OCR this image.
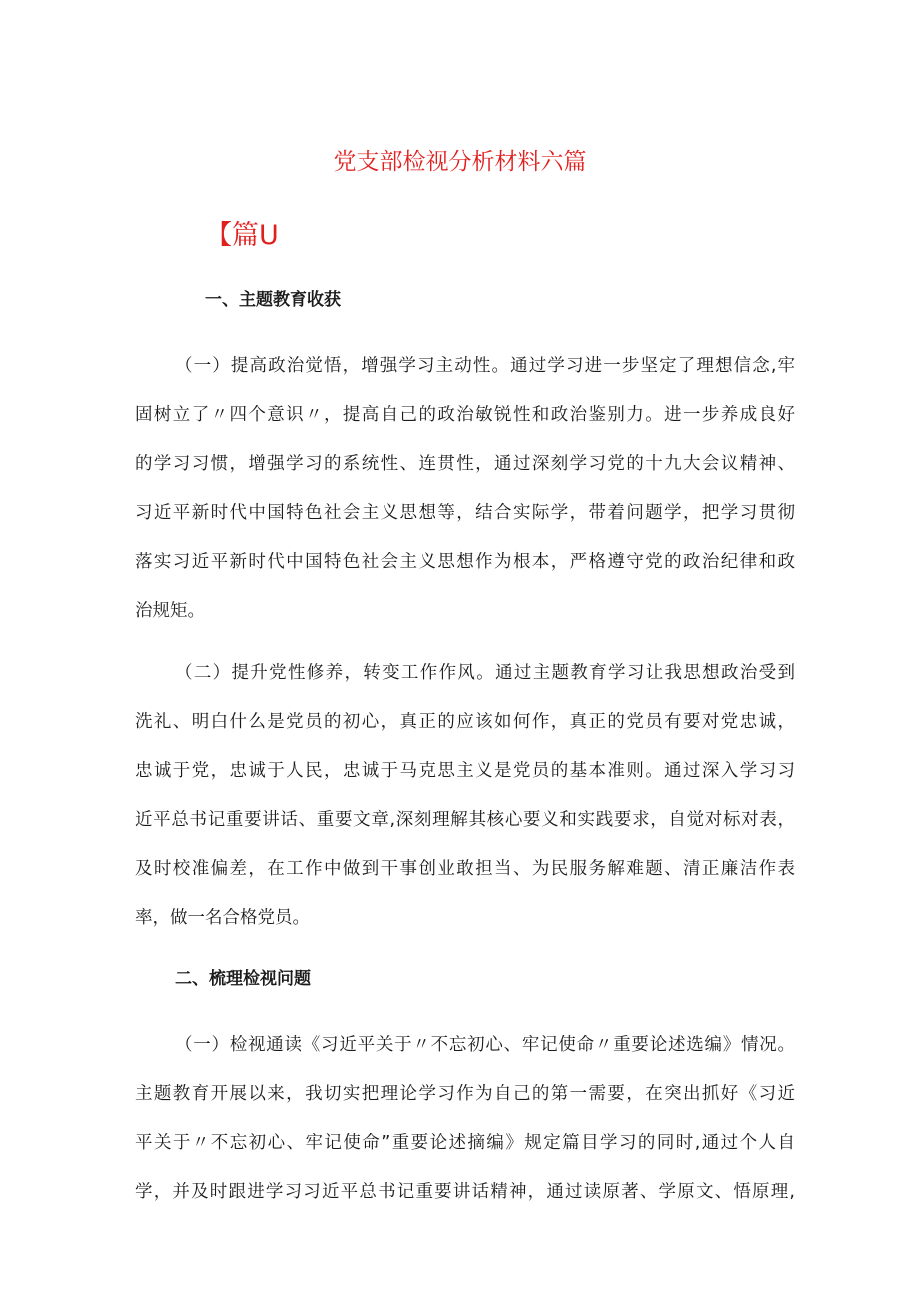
党支部检视分析材料六篇
【篇U
一、主题教育收获
（一）提高政治觉悟，增强学习主动性。通过学习进一步坚定了理想信念,牢
固树立了〃四个意识〃，提高自己的政治敏锐性和政治鉴别力。进一步养成良好
的学习习惯，增强学习的系统性、连贯性，通过深刻学习党的十九大会议精神、
习近平新时代中国特色社会主义思想等，结合实际学，带着问题学，把学习贯彻
落实习近平新时代中国特色社会主义思想作为根本，严格遵守党的政治纪律和政
治规矩。
（二）提升党性修养，转变工作作风。通过主题教育学习让我思想政治受到
洗礼、明白什么是党员的初心，真正的应该如何作，真正的党员有要对党忠诚，
忠诚于党，忠诚于人民，忠诚于马克思主义是党员的基本准则。通过深入学习习
近平总书记重要讲话、重要文章,深刻理解其核心要义和实践要求，自觉对标对表，
及时校准偏差，在工作中做到干事创业敢担当、为民服务解难题、清正廉洁作表
率，做一名合格党员。
二、梳理检视问题
（一）检视通读《习近平关于〃不忘初心、牢记使命〃重要论述选编》情况。
主题教育开展以来，我切实把理论学习作为自己的第一需要，在突出抓好《习近
平关于〃不忘初心、牢记使命”重要论述摘编》规定篇目学习的同时,通过个人自
学，并及时跟进学习习近平总书记重要讲话精神，通过读原著、学原文、悟原理,
